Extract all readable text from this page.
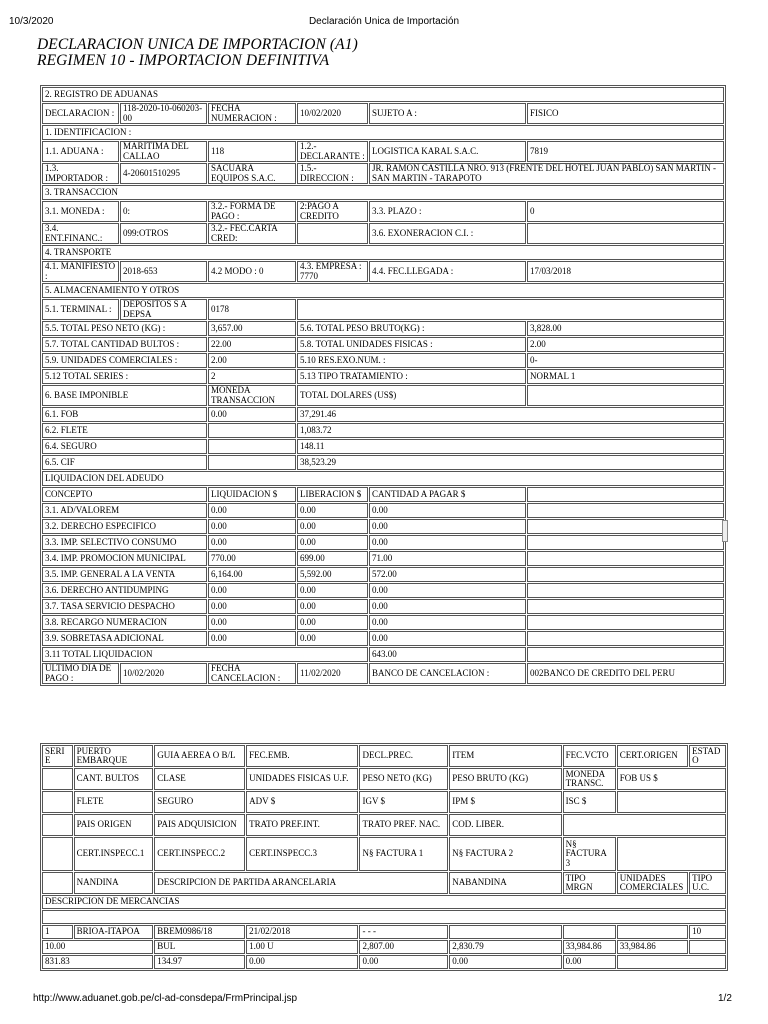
10/3/2020	Declaración Unica de Importación
DECLARACION UNICA DE IMPORTACION (A1)
REGIMEN 10 - IMPORTACION DEFINITIVA
2. REGISTRO DE ADUANAS					
DECLARACION :	118-2020-10-060203-00	FECHA NUMERACION :	10/02/2020	SUJETO A :	FISICO
1. IDENTIFICACION :					
1.1. ADUANA :	MARITIMA DEL CALLAO	118	1.2.- DECLARANTE :	LOGISTICA KARAL S.A.C.	7819
1.3. IMPORTADOR :	4-20601510295	SACUARA EQUIPOS S.A.C.	1.5.- DIRECCION :	JR. RAMON CASTILLA NRO. 913 (FRENTE DEL HOTEL JUAN PABLO) SAN MARTIN - SAN MARTIN - TARAPOTO	
3. TRANSACCION					
3.1. MONEDA :	0:	3.2.- FORMA DE PAGO :	2:PAGO A CREDITO	3.3. PLAZO :	0
3.4. ENT.FINANC.:	099:OTROS	3.2.- FEC.CARTA CRED:		3.6. EXONERACION C.I. :	
4. TRANSPORTE					
4.1. MANIFIESTO :	2018-653	4.2 MODO : 0	4.3. EMPRESA : 7770	4.4. FEC.LLEGADA :	17/03/2018
5. ALMACENAMIENTO Y OTROS					
5.1. TERMINAL :	DEPOSITOS S A DEPSA	0178			
5.5. TOTAL PESO NETO (KG) :		3,657.00	5.6. TOTAL PESO BRUTO(KG) :		3,828.00
5.7. TOTAL CANTIDAD BULTOS :		22.00	5.8. TOTAL UNIDADES FISICAS :		2.00
5.9. UNIDADES COMERCIALES :		2.00	5.10 RES.EXO.NUM. :		0-
5.12 TOTAL SERIES :		2	5.13 TIPO TRATAMIENTO :		NORMAL 1
6. BASE IMPONIBLE		MONEDA TRANSACCION	TOTAL DOLARES (US$)		
6.1. FOB		0.00	37,291.46		
6.2. FLETE			1,083.72		
6.4. SEGURO			148.11		
6.5. CIF			38,523.29		
LIQUIDACION DEL ADEUDO					
CONCEPTO		LIQUIDACION $	LIBERACION $	CANTIDAD A PAGAR $	
3.1. AD/VALOREM		0.00	0.00	0.00	
3.2. DERECHO ESPECIFICO		0.00	0.00	0.00	
3.3. IMP. SELECTIVO CONSUMO		0.00	0.00	0.00	
3.4. IMP. PROMOCION MUNICIPAL		770.00	699.00	71.00	
3.5. IMP. GENERAL A LA VENTA		6,164.00	5,592.00	572.00	
3.6. DERECHO ANTIDUMPING		0.00	0.00	0.00	
3.7. TASA SERVICIO DESPACHO		0.00	0.00	0.00	
3.8. RECARGO NUMERACION		0.00	0.00	0.00	
3.9. SOBRETASA ADICIONAL		0.00	0.00	0.00	
3.11 TOTAL LIQUIDACION				643.00	
ULTIMO DIA DE PAGO :	10/02/2020	FECHA CANCELACION :	11/02/2020	BANCO DE CANCELACION :	002BANCO DE CREDITO DEL PERU
SERIE	PUERTO EMBARQUE	GUIA AEREA O B/L	FEC.EMB.	DECL.PREC.	ITEM	FEC.VCTO	CERT.ORIGEN	ESTADO
	CANT. BULTOS	CLASE	UNIDADES FISICAS U.F.	PESO NETO (KG)	PESO BRUTO (KG)	MONEDA TRANSC.	FOB US $	
	FLETE	SEGURO	ADV $	IGV $	IPM $	ISC $		
	PAIS ORIGEN	PAIS ADQUISICION	TRATO PREF.INT.	TRATO PREF. NAC.	COD. LIBER.			
	CERT.INSPECC.1	CERT.INSPECC.2	CERT.INSPECC.3	N§ FACTURA 1	N§ FACTURA 2	N§ FACTURA 3		
	NANDINA	DESCRIPCION DE PARTIDA ARANCELARIA			NABANDINA	TIPO MRGN	UNIDADES COMERCIALES	TIPO U.C.
DESCRIPCION DE MERCANCIAS								

1	BRIOA-ITAPOA	BREM0986/18	21/02/2018	- - -				10
10.00		BUL	1.00 U	2,807.00	2,830.79	33,984.86	33,984.86	
831.83		134.97	0.00	0.00	0.00	0.00		
http://www.aduanet.gob.pe/cl-ad-consdepa/FrmPrincipal.jsp	1/2
